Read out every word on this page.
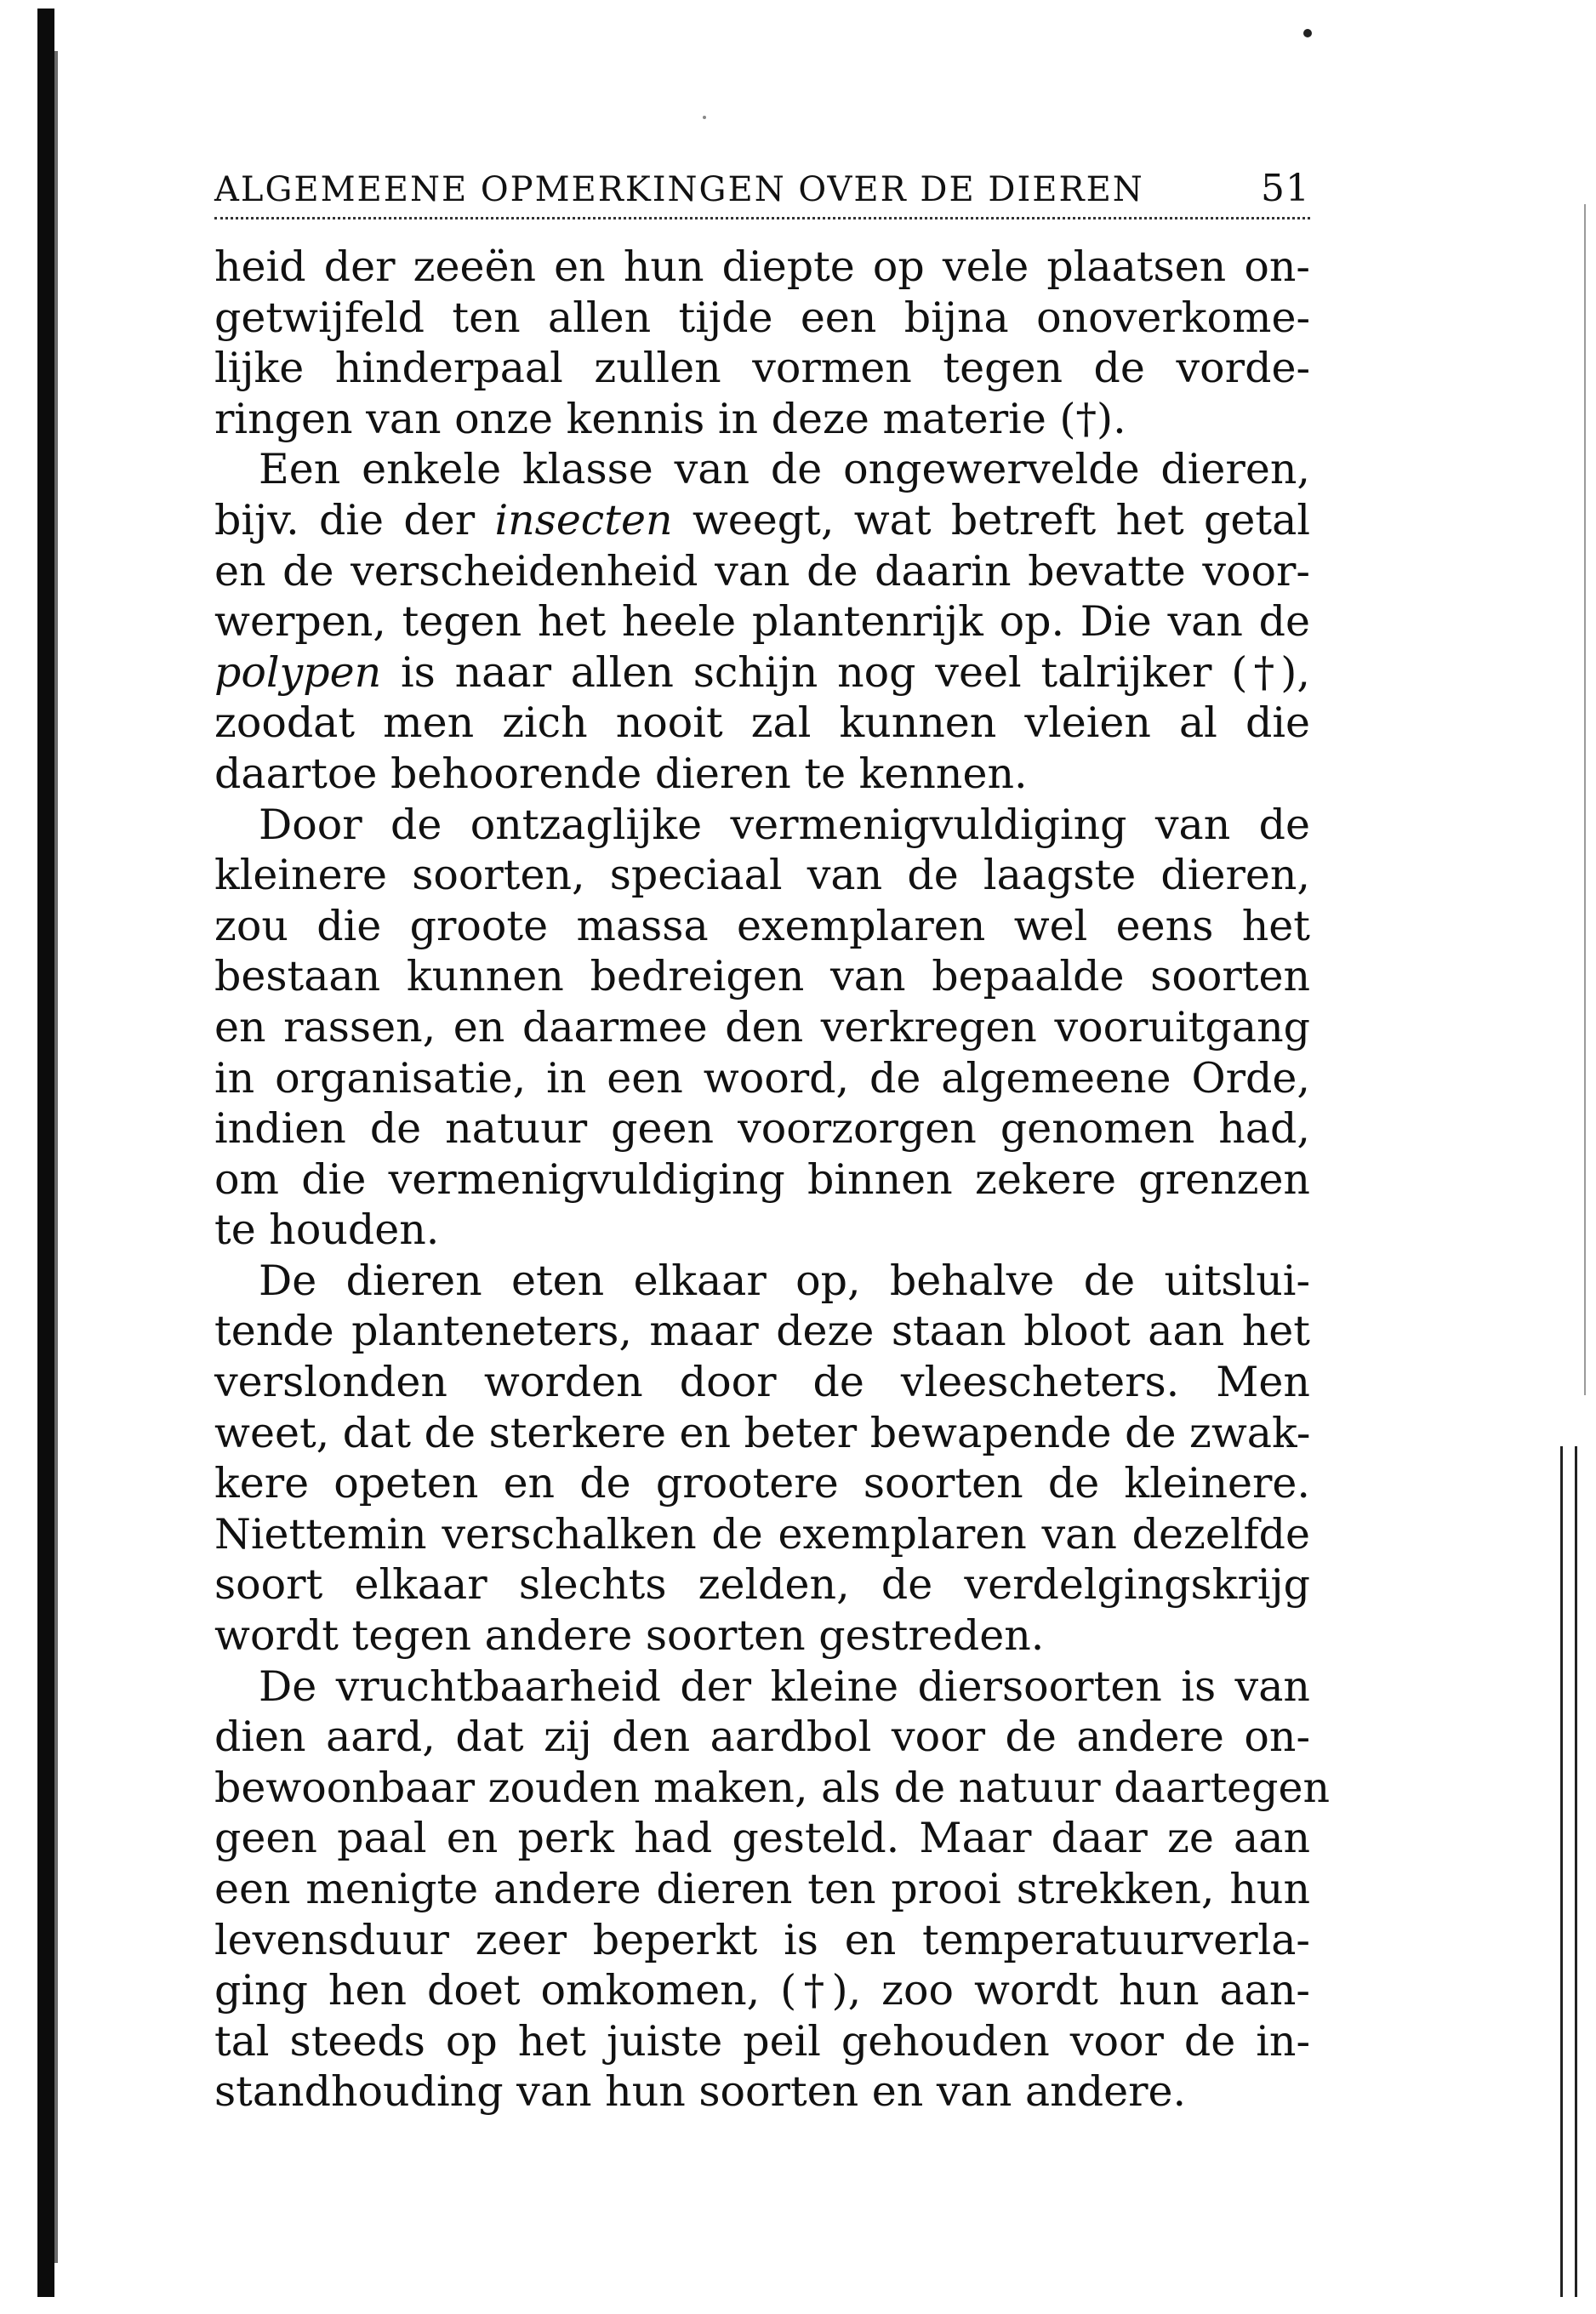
ALGEMEENE OPMERKINGEN OVER DE DIEREN	51
heid der zeeën en hun diepte op vele plaatsen on-
getwijfeld ten allen tijde een bijna onoverkome-
lijke hinderpaal zullen vormen tegen de vorde-
ringen van onze kennis in deze materie (†).
Een enkele klasse van de ongewervelde dieren,
bijv. die der insecten weegt, wat betreft het getal
en de verscheidenheid van de daarin bevatte voor-
werpen, tegen het heele plantenrijk op. Die van de
polypen is naar allen schijn nog veel talrijker (†),
zoodat men zich nooit zal kunnen vleien al die
daartoe behoorende dieren te kennen.
Door de ontzaglijke vermenigvuldiging van de
kleinere soorten, speciaal van de laagste dieren,
zou die groote massa exemplaren wel eens het
bestaan kunnen bedreigen van bepaalde soorten
en rassen, en daarmee den verkregen vooruitgang
in organisatie, in een woord, de algemeene Orde,
indien de natuur geen voorzorgen genomen had,
om die vermenigvuldiging binnen zekere grenzen
te houden.
De dieren eten elkaar op, behalve de uitslui-
tende planteneters, maar deze staan bloot aan het
verslonden worden door de vleescheters. Men
weet, dat de sterkere en beter bewapende de zwak-
kere opeten en de grootere soorten de kleinere.
Niettemin verschalken de exemplaren van dezelfde
soort elkaar slechts zelden, de verdelgingskrijg
wordt tegen andere soorten gestreden.
De vruchtbaarheid der kleine diersoorten is van
dien aard, dat zij den aardbol voor de andere on-
bewoonbaar zouden maken, als de natuur daartegen
geen paal en perk had gesteld. Maar daar ze aan
een menigte andere dieren ten prooi strekken, hun
levensduur zeer beperkt is en temperatuurverla-
ging hen doet omkomen, (†), zoo wordt hun aan-
tal steeds op het juiste peil gehouden voor de in-
standhouding van hun soorten en van andere.
